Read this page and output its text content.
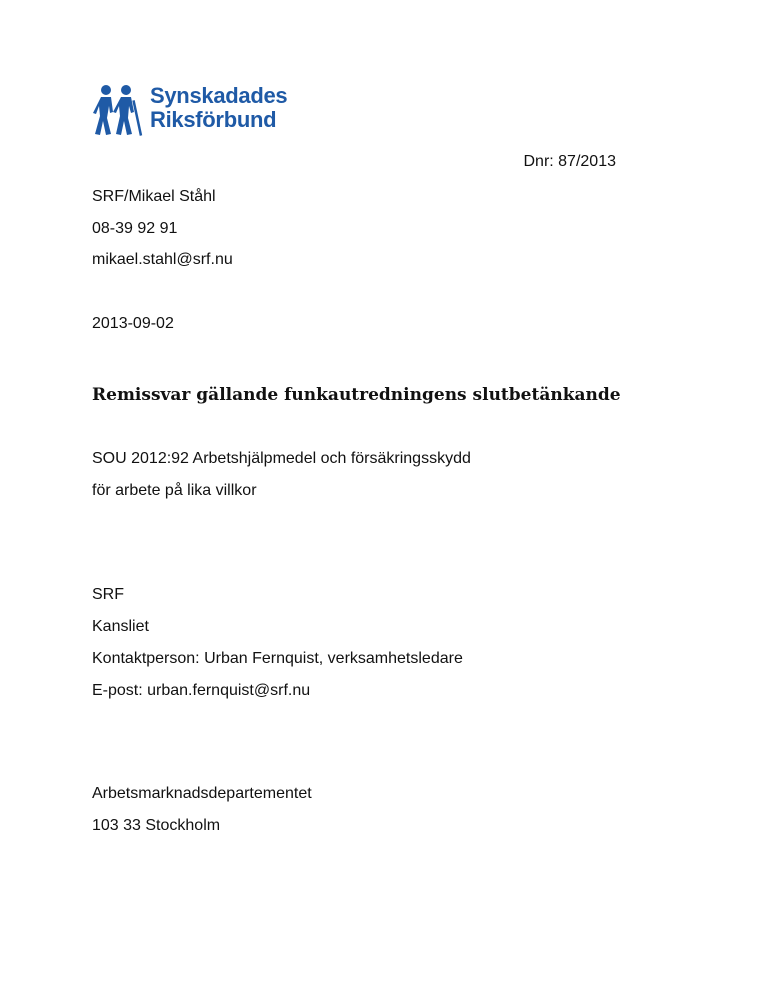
Synskadades
Riksförbund
Dnr: 87/2013
SRF/Mikael Ståhl
08-39 92 91
mikael.stahl@srf.nu
2013-09-02
Remissvar gällande funkautredningens slutbetänkande
SOU 2012:92 Arbetshjälpmedel och försäkringsskydd
för arbete på lika villkor
SRF
Kansliet
Kontaktperson: Urban Fernquist, verksamhetsledare
E-post: urban.fernquist@srf.nu
Arbetsmarknadsdepartementet
103 33 Stockholm
